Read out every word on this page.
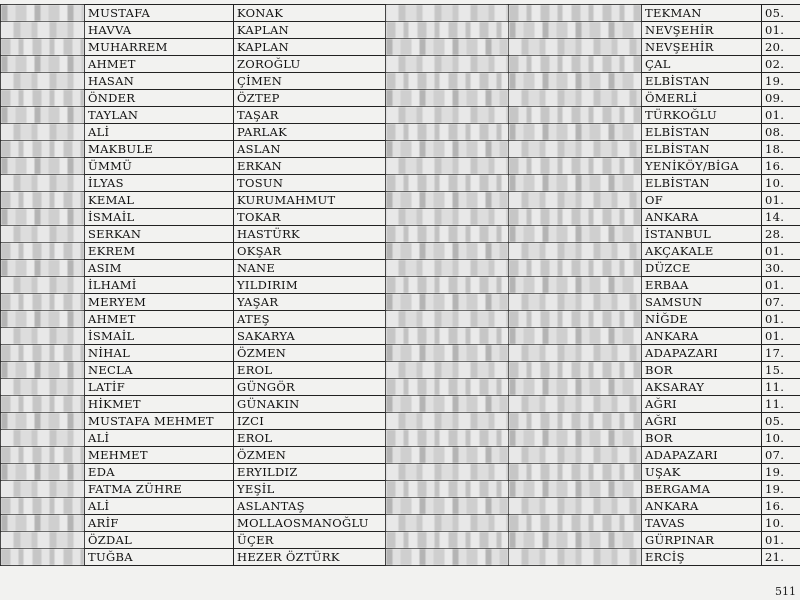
	MUSTAFA	KONAK			TEKMAN	05.
	HAVVA	KAPLAN			NEVŞEHİR	01.
	MUHARREM	KAPLAN			NEVŞEHİR	20.
	AHMET	ZOROĞLU			ÇAL	02.
	HASAN	ÇİMEN			ELBİSTAN	19.
	ÖNDER	ÖZTEP			ÖMERLİ	09.
	TAYLAN	TAŞAR			TÜRKOĞLU	01.
	ALİ	PARLAK			ELBİSTAN	08.
	MAKBULE	ASLAN			ELBİSTAN	18.
	ÜMMÜ	ERKAN			YENİKÖY/BİGA	16.
	İLYAS	TOSUN			ELBİSTAN	10.
	KEMAL	KURUMAHMUT			OF	01.
	İSMAİL	TOKAR			ANKARA	14.
	SERKAN	HASTÜRK			İSTANBUL	28.
	EKREM	OKŞAR			AKÇAKALE	01.
	ASIM	NANE			DÜZCE	30.
	İLHAMİ	YILDIRIM			ERBAA	01.
	MERYEM	YAŞAR			SAMSUN	07.
	AHMET	ATEŞ			NİĞDE	01.
	İSMAİL	SAKARYA			ANKARA	01.
	NİHAL	ÖZMEN			ADAPAZARI	17.
	NECLA	EROL			BOR	15.
	LATİF	GÜNGÖR			AKSARAY	11.
	HİKMET	GÜNAKIN			AĞRI	11.
	MUSTAFA MEHMET	IZCI			AĞRI	05.
	ALİ	EROL			BOR	10.
	MEHMET	ÖZMEN			ADAPAZARI	07.
	EDA	ERYILDIZ			UŞAK	19.
	FATMA ZÜHRE	YEŞİL			BERGAMA	19.
	ALİ	ASLANTAŞ			ANKARA	16.
	ARİF	MOLLAOSMANOĞLU			TAVAS	10.
	ÖZDAL	ÜÇER			GÜRPINAR	01.
	TUĞBA	HEZER ÖZTÜRK			ERCİŞ	21.
511
